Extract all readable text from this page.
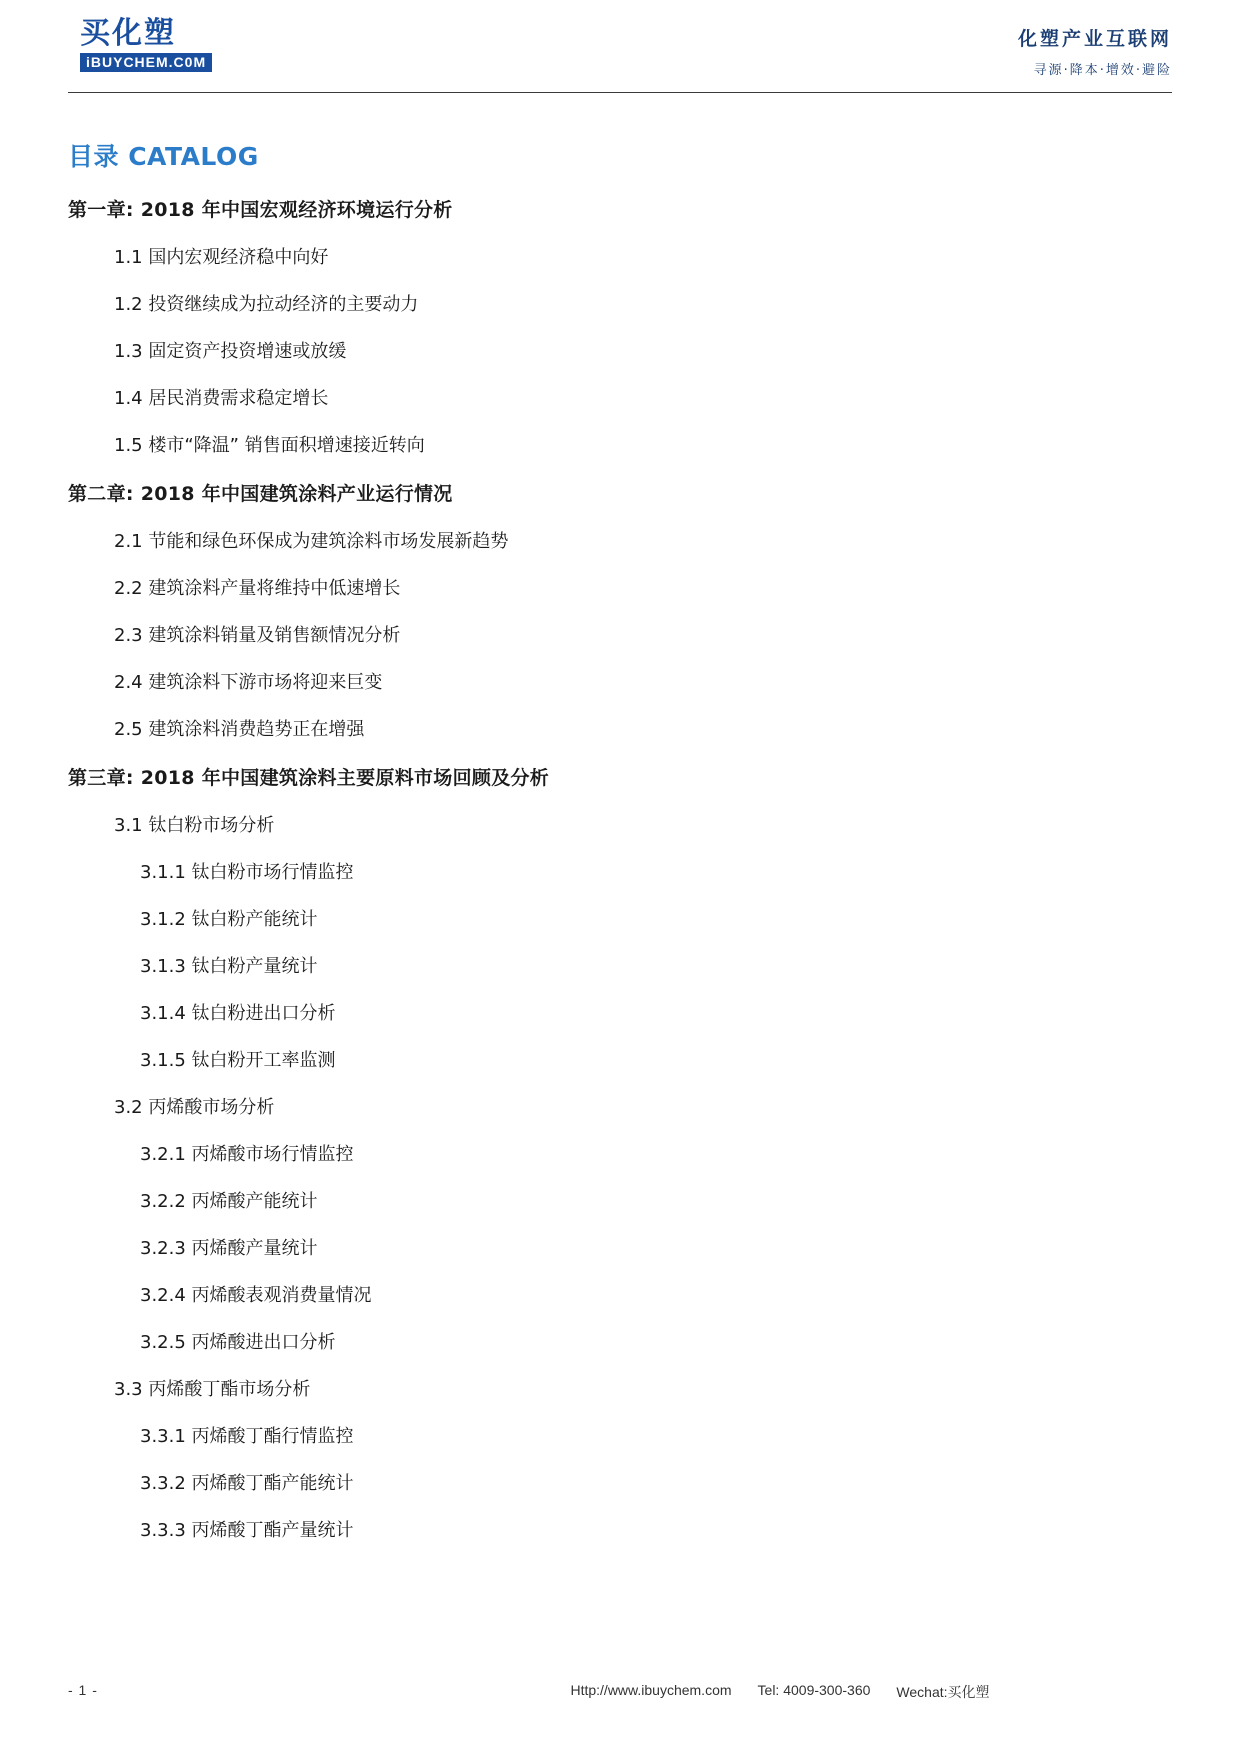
买化塑
iBUYCHEM.C0M
化塑产业互联网
寻源·降本·增效·避险
目录 CATALOG
第一章: 2018 年中国宏观经济环境运行分析
1.1 国内宏观经济稳中向好
1.2 投资继续成为拉动经济的主要动力
1.3 固定资产投资增速或放缓
1.4 居民消费需求稳定增长
1.5 楼市“降温” 销售面积增速接近转向
第二章: 2018 年中国建筑涂料产业运行情况
2.1 节能和绿色环保成为建筑涂料市场发展新趋势
2.2 建筑涂料产量将维持中低速增长
2.3 建筑涂料销量及销售额情况分析
2.4 建筑涂料下游市场将迎来巨变
2.5 建筑涂料消费趋势正在增强
第三章: 2018 年中国建筑涂料主要原料市场回顾及分析
3.1 钛白粉市场分析
3.1.1 钛白粉市场行情监控
3.1.2 钛白粉产能统计
3.1.3 钛白粉产量统计
3.1.4 钛白粉进出口分析
3.1.5 钛白粉开工率监测
3.2 丙烯酸市场分析
3.2.1 丙烯酸市场行情监控
3.2.2 丙烯酸产能统计
3.2.3 丙烯酸产量统计
3.2.4 丙烯酸表观消费量情况
3.2.5 丙烯酸进出口分析
3.3 丙烯酸丁酯市场分析
3.3.1 丙烯酸丁酯行情监控
3.3.2 丙烯酸丁酯产能统计
3.3.3 丙烯酸丁酯产量统计
- 1 -	Http://www.ibuychem.com Tel: 4009-300-360 Wechat:买化塑
